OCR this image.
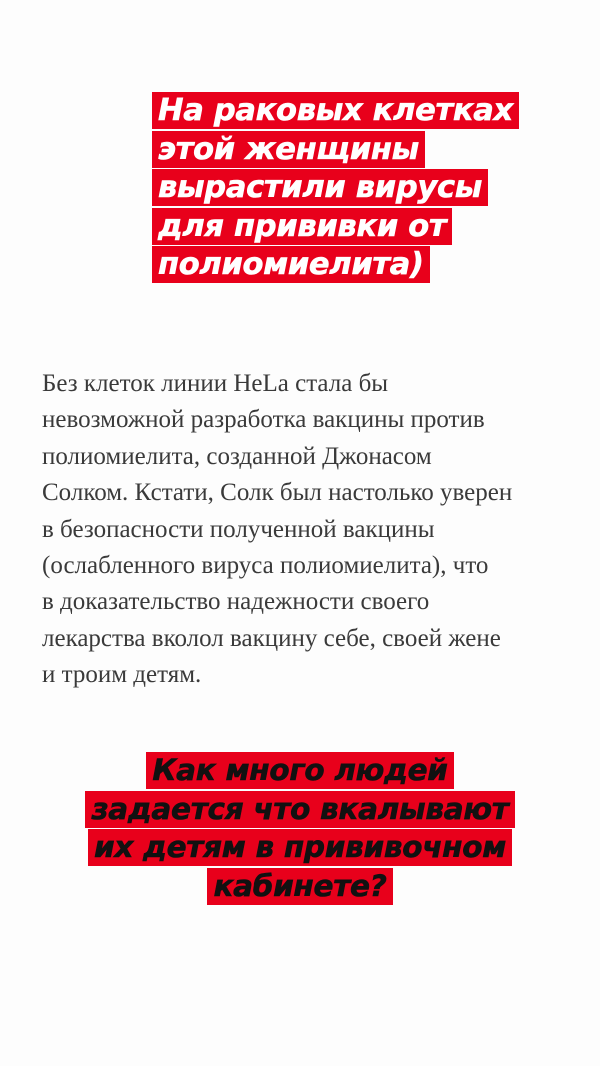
На раковых клетках
этой женщины
вырастили вирусы
для прививки от
полиомиелита)
Без клеток линии HeLa стала бы
невозможной разработка вакцины против
полиомиелита, созданной Джонасом
Солком. Кстати, Солк был настолько уверен
в безопасности полученной вакцины
(ослабленного вируса полиомиелита), что
в доказательство надежности своего
лекарства вколол вакцину себе, своей жене
и троим детям.
Как много людей
задается что вкалывают
их детям в прививочном
кабинете?
